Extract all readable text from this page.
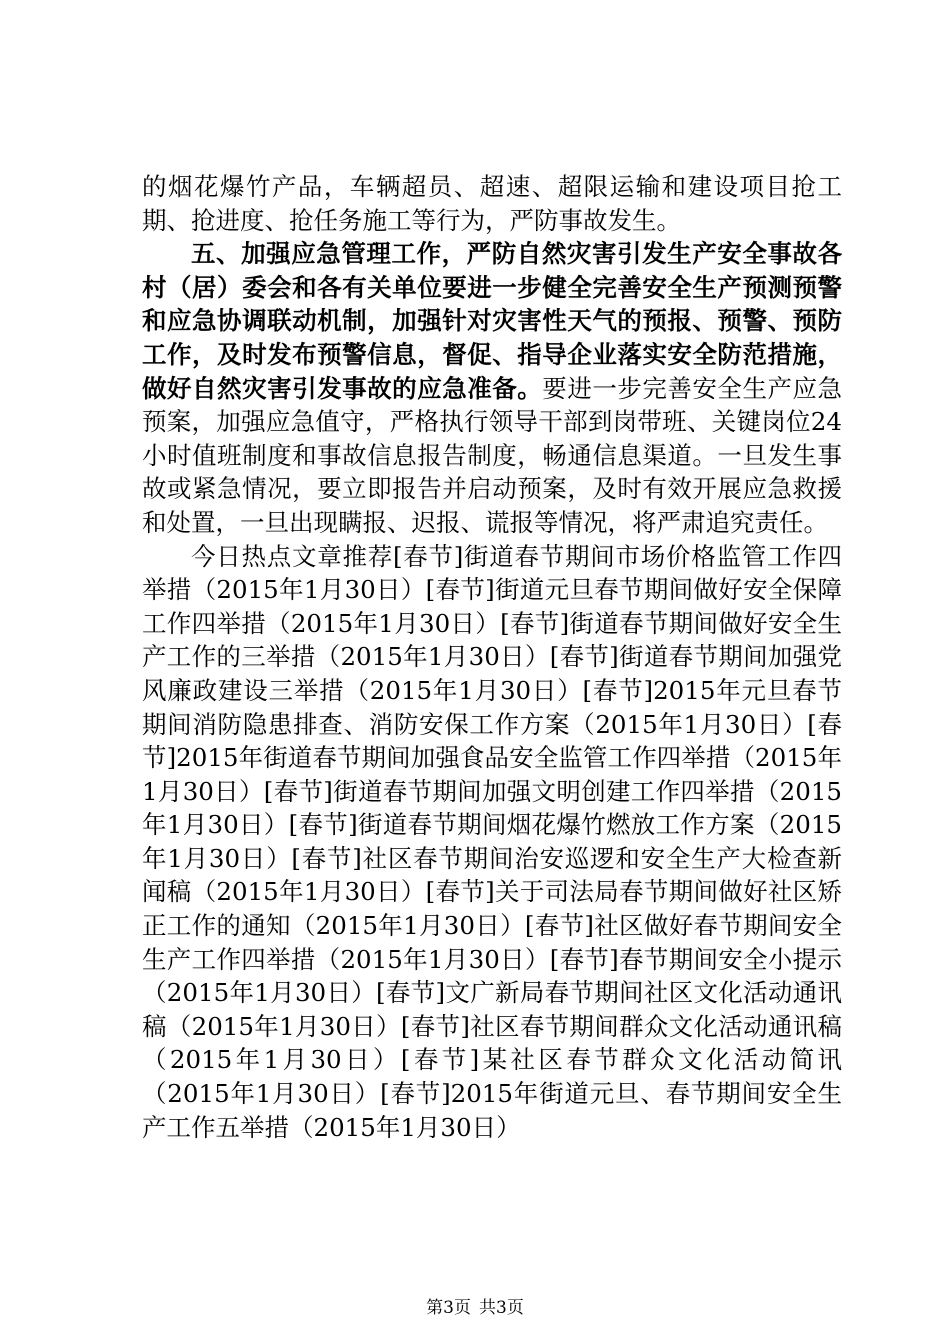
的烟花爆竹产品，车辆超员、超速、超限运输和建设项目抢工期、抢进度、抢任务施工等行为，严防事故发生。

五、加强应急管理工作，严防自然灾害引发生产安全事故各村（居）委会和各有关单位要进一步健全完善安全生产预测预警和应急协调联动机制，加强针对灾害性天气的预报、预警、预防工作，及时发布预警信息，督促、指导企业落实安全防范措施，做好自然灾害引发事故的应急准备。要进一步完善安全生产应急预案，加强应急值守，严格执行领导干部到岗带班、关键岗位24小时值班制度和事故信息报告制度，畅通信息渠道。一旦发生事故或紧急情况，要立即报告并启动预案，及时有效开展应急救援和处置，一旦出现瞒报、迟报、谎报等情况，将严肃追究责任。

今日热点文章推荐[春节]街道春节期间市场价格监管工作四举措（2015年1月30日）[春节]街道元旦春节期间做好安全保障工作四举措（2015年1月30日）[春节]街道春节期间做好安全生产工作的三举措（2015年1月30日）[春节]街道春节期间加强党风廉政建设三举措（2015年1月30日）[春节]2015年元旦春节期间消防隐患排查、消防安保工作方案（2015年1月30日）[春节]2015年街道春节期间加强食品安全监管工作四举措（2015年1月30日）[春节]街道春节期间加强文明创建工作四举措（2015年1月30日）[春节]街道春节期间烟花爆竹燃放工作方案（2015年1月30日）[春节]社区春节期间治安巡逻和安全生产大检查新闻稿（2015年1月30日）[春节]关于司法局春节期间做好社区矫正工作的通知（2015年1月30日）[春节]社区做好春节期间安全生产工作四举措（2015年1月30日）[春节]春节期间安全小提示（2015年1月30日）[春节]文广新局春节期间社区文化活动通讯稿（2015年1月30日）[春节]社区春节期间群众文化活动通讯稿（2015年1月30日）[春节]某社区春节群众文化活动简讯（2015年1月30日）[春节]2015年街道元旦、春节期间安全生产工作五举措（2015年1月30日）

第3页 共3页
